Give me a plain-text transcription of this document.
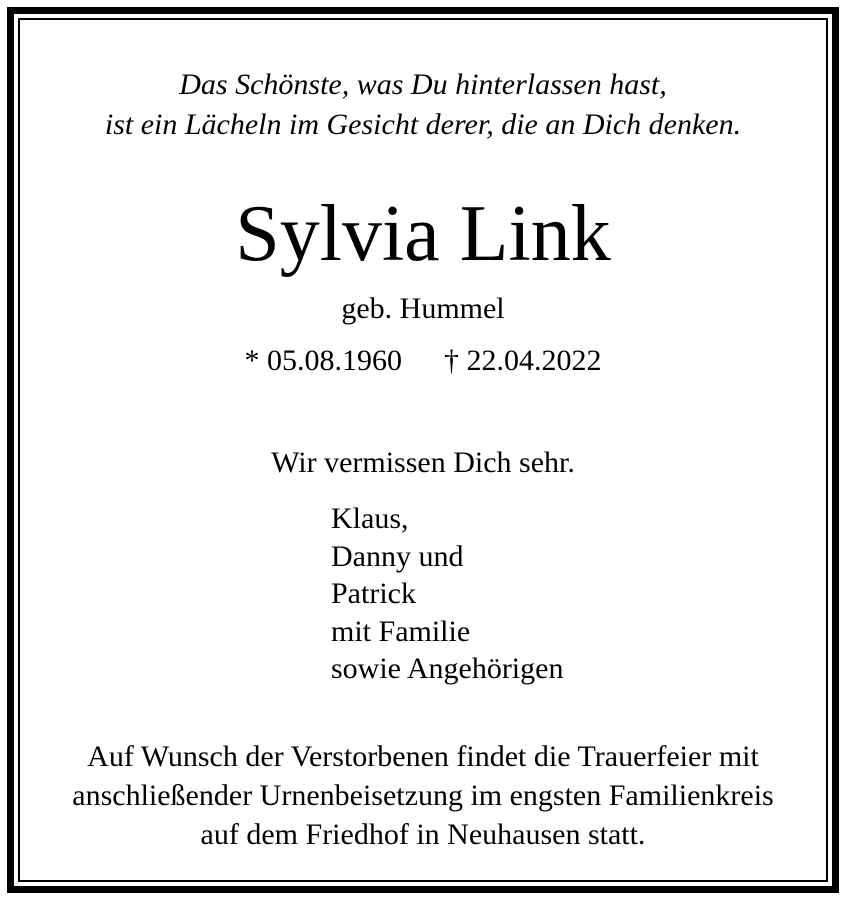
Das Schönste, was Du hinterlassen hast,
ist ein Lächeln im Gesicht derer, die an Dich denken.
Sylvia Link
geb. Hummel
* 05.08.1960 † 22.04.2022
Wir vermissen Dich sehr.
Klaus,
Danny und
Patrick
mit Familie
sowie Angehörigen
Auf Wunsch der Verstorbenen findet die Trauerfeier mit
anschließender Urnenbeisetzung im engsten Familienkreis
auf dem Friedhof in Neuhausen statt.
